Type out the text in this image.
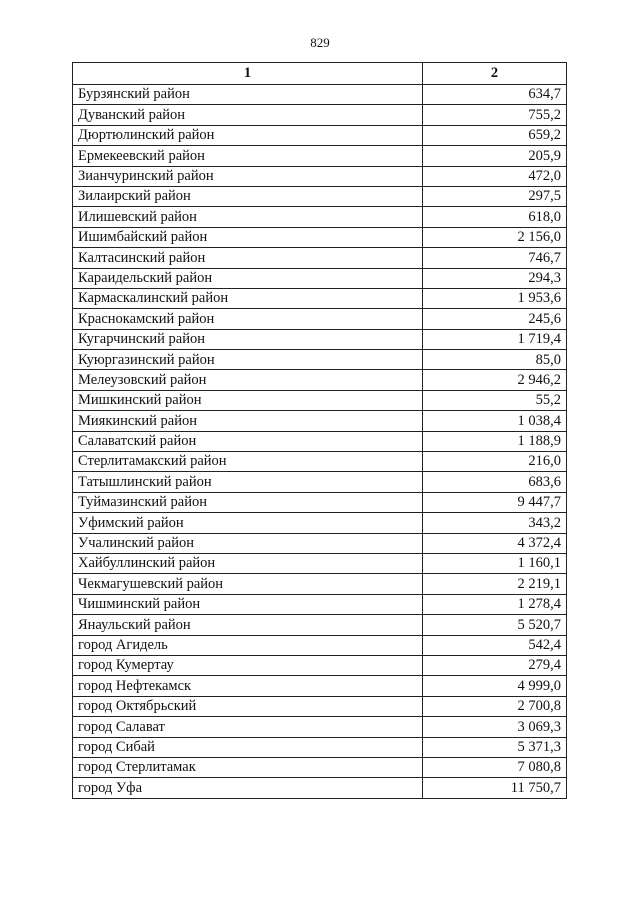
829
1	2
Бурзянский район	634,7
Дуванский район	755,2
Дюртюлинский район	659,2
Ермекеевский район	205,9
Зианчуринский район	472,0
Зилаирский район	297,5
Илишевский район	618,0
Ишимбайский район	2 156,0
Калтасинский район	746,7
Караидельский район	294,3
Кармаскалинский район	1 953,6
Краснокамский район	245,6
Кугарчинский район	1 719,4
Куюргазинский район	85,0
Мелеузовский район	2 946,2
Мишкинский район	55,2
Миякинский район	1 038,4
Салаватский район	1 188,9
Стерлитамакский район	216,0
Татышлинский район	683,6
Туймазинский район	9 447,7
Уфимский район	343,2
Учалинский район	4 372,4
Хайбуллинский район	1 160,1
Чекмагушевский район	2 219,1
Чишминский район	1 278,4
Янаульский район	5 520,7
город Агидель	542,4
город Кумертау	279,4
город Нефтекамск	4 999,0
город Октябрьский	2 700,8
город Салават	3 069,3
город Сибай	5 371,3
город Стерлитамак	7 080,8
город Уфа	11 750,7
